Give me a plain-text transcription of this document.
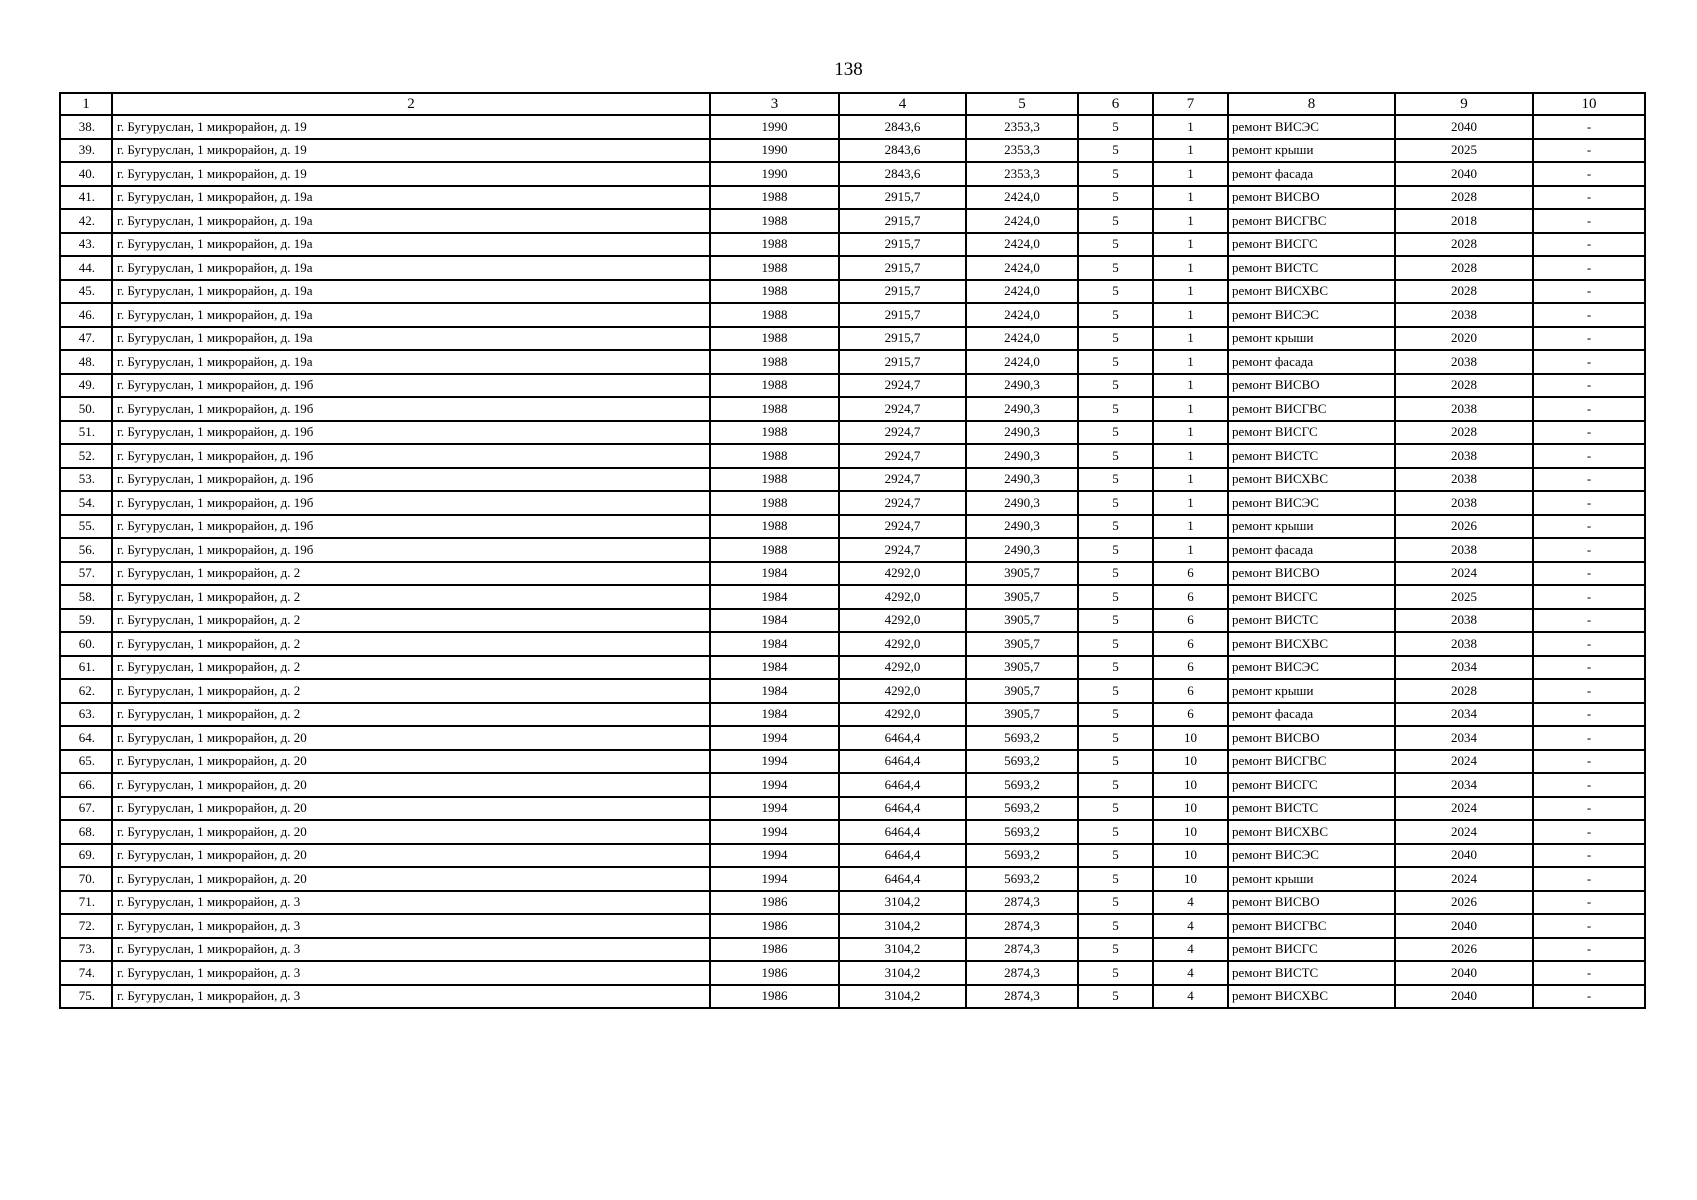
138
1	2	3	4	5	6	7	8	9	10
38.	г. Бугуруслан, 1 микрорайон, д. 19	1990	2843,6	2353,3	5	1	ремонт ВИСЭС	2040	-
39.	г. Бугуруслан, 1 микрорайон, д. 19	1990	2843,6	2353,3	5	1	ремонт крыши	2025	-
40.	г. Бугуруслан, 1 микрорайон, д. 19	1990	2843,6	2353,3	5	1	ремонт фасада	2040	-
41.	г. Бугуруслан, 1 микрорайон, д. 19а	1988	2915,7	2424,0	5	1	ремонт ВИСВО	2028	-
42.	г. Бугуруслан, 1 микрорайон, д. 19а	1988	2915,7	2424,0	5	1	ремонт ВИСГВС	2018	-
43.	г. Бугуруслан, 1 микрорайон, д. 19а	1988	2915,7	2424,0	5	1	ремонт ВИСГС	2028	-
44.	г. Бугуруслан, 1 микрорайон, д. 19а	1988	2915,7	2424,0	5	1	ремонт ВИСТС	2028	-
45.	г. Бугуруслан, 1 микрорайон, д. 19а	1988	2915,7	2424,0	5	1	ремонт ВИСХВС	2028	-
46.	г. Бугуруслан, 1 микрорайон, д. 19а	1988	2915,7	2424,0	5	1	ремонт ВИСЭС	2038	-
47.	г. Бугуруслан, 1 микрорайон, д. 19а	1988	2915,7	2424,0	5	1	ремонт крыши	2020	-
48.	г. Бугуруслан, 1 микрорайон, д. 19а	1988	2915,7	2424,0	5	1	ремонт фасада	2038	-
49.	г. Бугуруслан, 1 микрорайон, д. 19б	1988	2924,7	2490,3	5	1	ремонт ВИСВО	2028	-
50.	г. Бугуруслан, 1 микрорайон, д. 19б	1988	2924,7	2490,3	5	1	ремонт ВИСГВС	2038	-
51.	г. Бугуруслан, 1 микрорайон, д. 19б	1988	2924,7	2490,3	5	1	ремонт ВИСГС	2028	-
52.	г. Бугуруслан, 1 микрорайон, д. 19б	1988	2924,7	2490,3	5	1	ремонт ВИСТС	2038	-
53.	г. Бугуруслан, 1 микрорайон, д. 19б	1988	2924,7	2490,3	5	1	ремонт ВИСХВС	2038	-
54.	г. Бугуруслан, 1 микрорайон, д. 19б	1988	2924,7	2490,3	5	1	ремонт ВИСЭС	2038	-
55.	г. Бугуруслан, 1 микрорайон, д. 19б	1988	2924,7	2490,3	5	1	ремонт крыши	2026	-
56.	г. Бугуруслан, 1 микрорайон, д. 19б	1988	2924,7	2490,3	5	1	ремонт фасада	2038	-
57.	г. Бугуруслан, 1 микрорайон, д. 2	1984	4292,0	3905,7	5	6	ремонт ВИСВО	2024	-
58.	г. Бугуруслан, 1 микрорайон, д. 2	1984	4292,0	3905,7	5	6	ремонт ВИСГС	2025	-
59.	г. Бугуруслан, 1 микрорайон, д. 2	1984	4292,0	3905,7	5	6	ремонт ВИСТС	2038	-
60.	г. Бугуруслан, 1 микрорайон, д. 2	1984	4292,0	3905,7	5	6	ремонт ВИСХВС	2038	-
61.	г. Бугуруслан, 1 микрорайон, д. 2	1984	4292,0	3905,7	5	6	ремонт ВИСЭС	2034	-
62.	г. Бугуруслан, 1 микрорайон, д. 2	1984	4292,0	3905,7	5	6	ремонт крыши	2028	-
63.	г. Бугуруслан, 1 микрорайон, д. 2	1984	4292,0	3905,7	5	6	ремонт фасада	2034	-
64.	г. Бугуруслан, 1 микрорайон, д. 20	1994	6464,4	5693,2	5	10	ремонт ВИСВО	2034	-
65.	г. Бугуруслан, 1 микрорайон, д. 20	1994	6464,4	5693,2	5	10	ремонт ВИСГВС	2024	-
66.	г. Бугуруслан, 1 микрорайон, д. 20	1994	6464,4	5693,2	5	10	ремонт ВИСГС	2034	-
67.	г. Бугуруслан, 1 микрорайон, д. 20	1994	6464,4	5693,2	5	10	ремонт ВИСТС	2024	-
68.	г. Бугуруслан, 1 микрорайон, д. 20	1994	6464,4	5693,2	5	10	ремонт ВИСХВС	2024	-
69.	г. Бугуруслан, 1 микрорайон, д. 20	1994	6464,4	5693,2	5	10	ремонт ВИСЭС	2040	-
70.	г. Бугуруслан, 1 микрорайон, д. 20	1994	6464,4	5693,2	5	10	ремонт крыши	2024	-
71.	г. Бугуруслан, 1 микрорайон, д. 3	1986	3104,2	2874,3	5	4	ремонт ВИСВО	2026	-
72.	г. Бугуруслан, 1 микрорайон, д. 3	1986	3104,2	2874,3	5	4	ремонт ВИСГВС	2040	-
73.	г. Бугуруслан, 1 микрорайон, д. 3	1986	3104,2	2874,3	5	4	ремонт ВИСГС	2026	-
74.	г. Бугуруслан, 1 микрорайон, д. 3	1986	3104,2	2874,3	5	4	ремонт ВИСТС	2040	-
75.	г. Бугуруслан, 1 микрорайон, д. 3	1986	3104,2	2874,3	5	4	ремонт ВИСХВС	2040	-
